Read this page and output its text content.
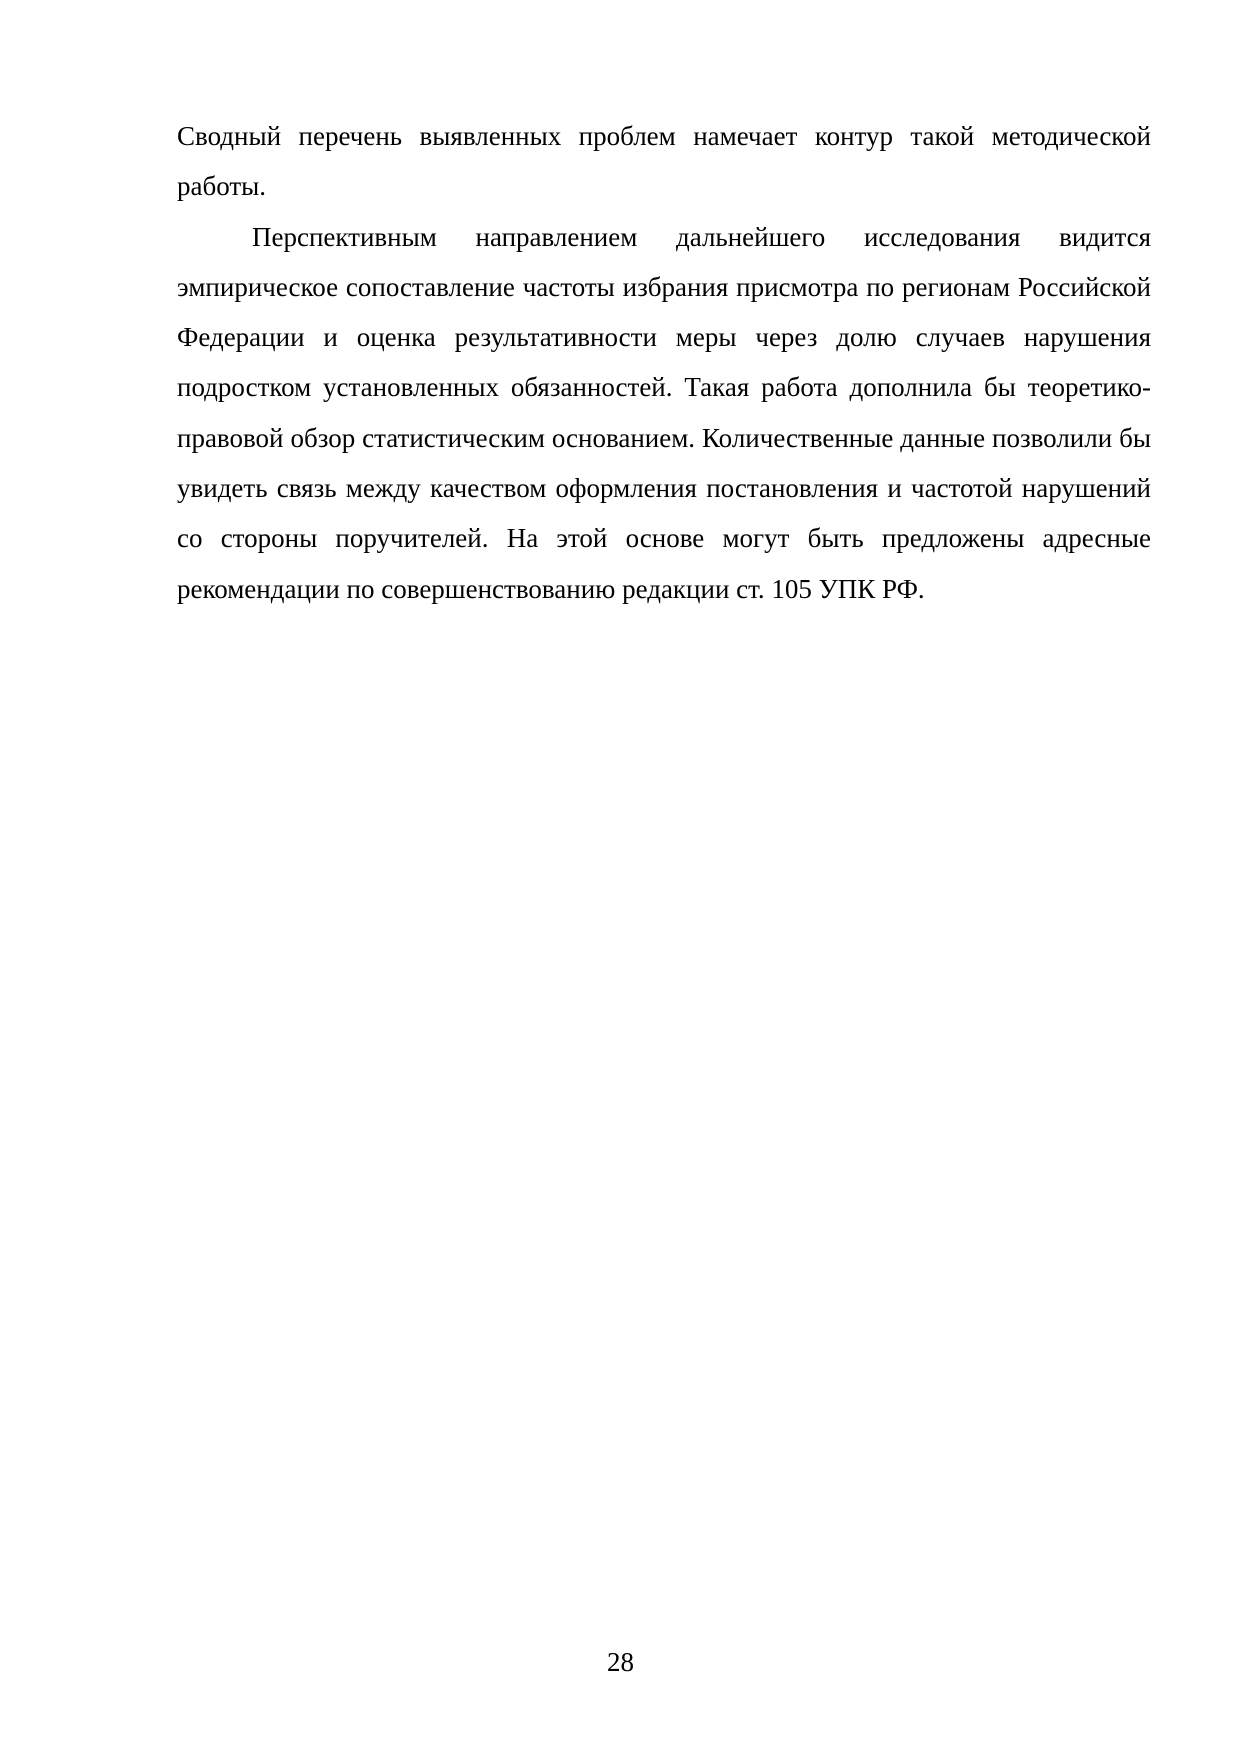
Сводный перечень выявленных проблем намечает контур такой методической работы.

Перспективным направлением дальнейшего исследования видится эмпирическое сопоставление частоты избрания присмотра по регионам Российской Федерации и оценка результативности меры через долю случаев нарушения подростком установленных обязанностей. Такая работа дополнила бы теоретико-правовой обзор статистическим основанием. Количественные данные позволили бы увидеть связь между качеством оформления постановления и частотой нарушений со стороны поручителей. На этой основе могут быть предложены адресные рекомендации по совершенствованию редакции ст. 105 УПК РФ.

28
